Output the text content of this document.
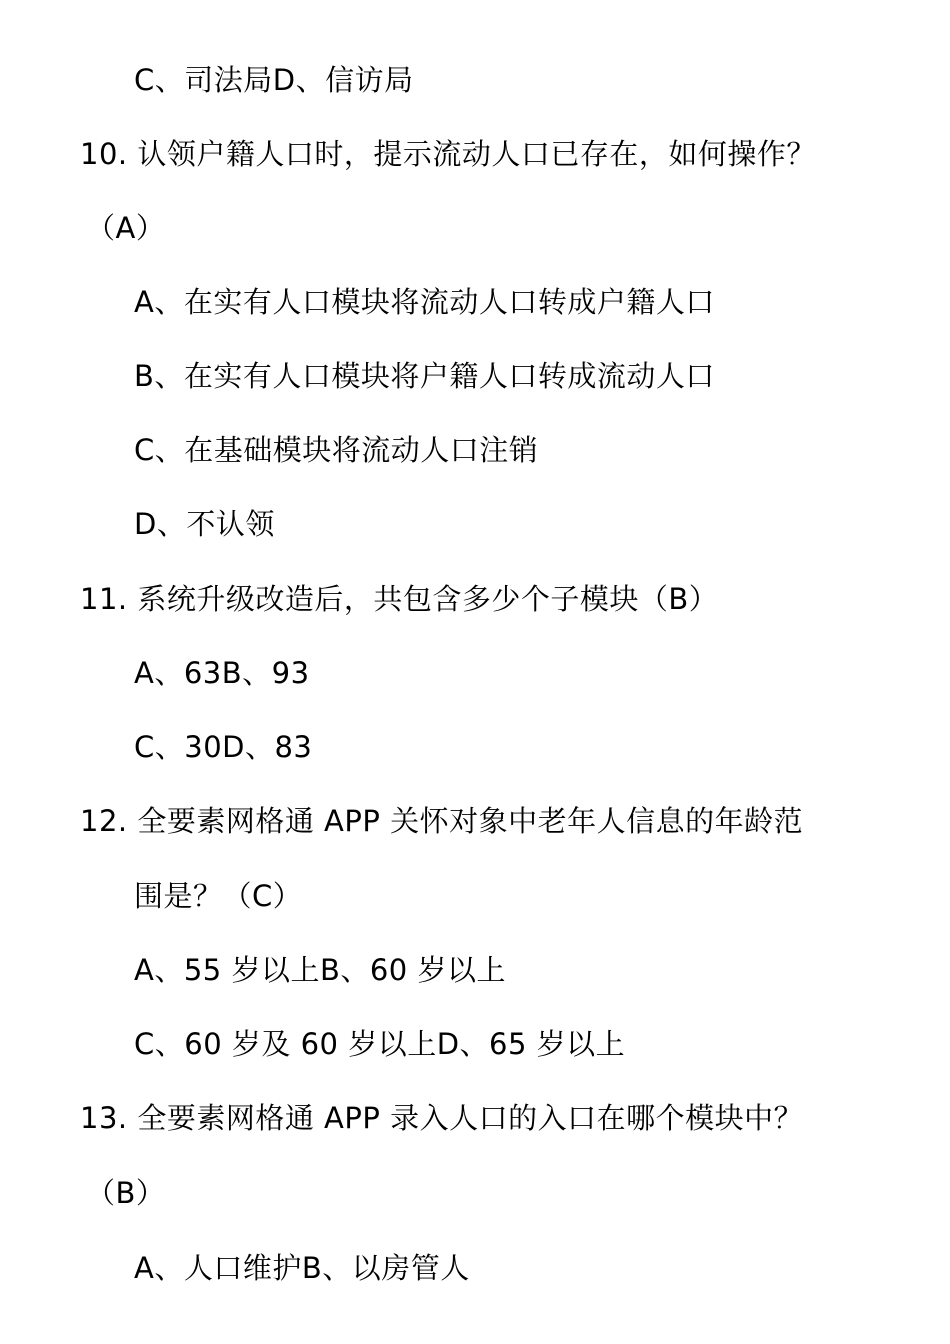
C、司法局D、信访局
10. 认领户籍人口时，提示流动人口已存在，如何操作？
（A）
A、在实有人口模块将流动人口转成户籍人口
B、在实有人口模块将户籍人口转成流动人口
C、在基础模块将流动人口注销
D、不认领
11. 系统升级改造后，共包含多少个子模块（B）
A、63B、93
C、30D、83
12. 全要素网格通 APP 关怀对象中老年人信息的年龄范
围是？（C）
A、55 岁以上B、60 岁以上
C、60 岁及 60 岁以上D、65 岁以上
13. 全要素网格通 APP 录入人口的入口在哪个模块中？
（B）
A、人口维护B、以房管人
